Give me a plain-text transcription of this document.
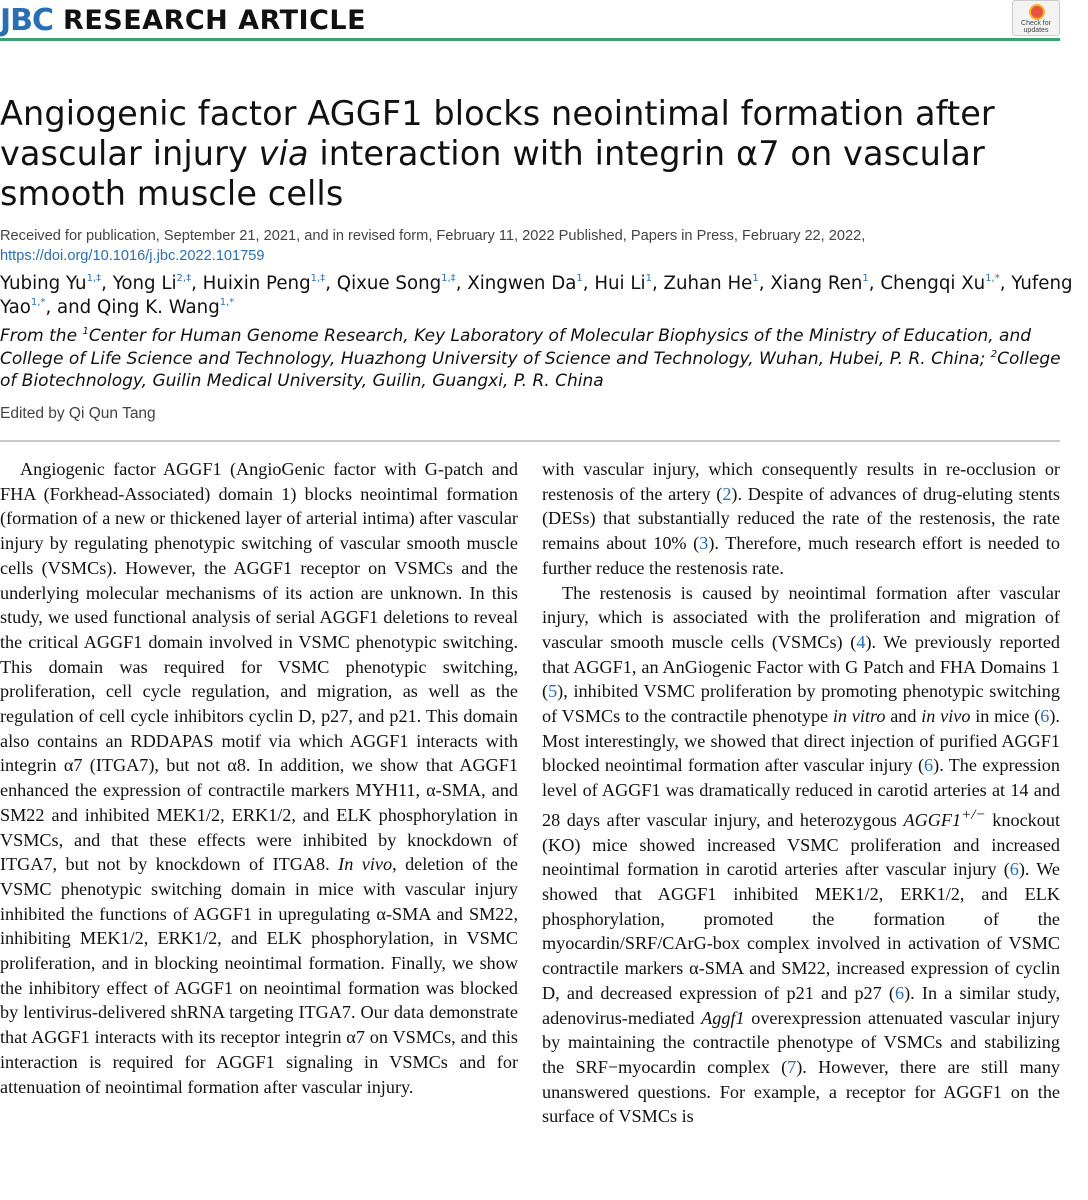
JBC RESEARCH ARTICLE	Check for updates
Angiogenic factor AGGF1 blocks neointimal formation after vascular injury via interaction with integrin α7 on vascular smooth muscle cells
Received for publication, September 21, 2021, and in revised form, February 11, 2022 Published, Papers in Press, February 22, 2022,
https://doi.org/10.1016/j.jbc.2022.101759
Yubing $Yu^{1,\ddagger}$, Yong $Li^{2,\ddagger}$, Huixin Peng$^{1,\ddagger}$, Qixue Song$^{1,\ddagger}$, Xingwen Da$^1$, Hui Li$^1$, Zuhan He$^1$, Xiang Ren$^1$, Chengqi $Xu^{1,*}$, Yufeng Yao$^{1,*}$, and Qing K. Wang$^{1,*}$
From the $^1$Center for Human Genome Research, Key Laboratory of Molecular Biophysics of the Ministry of Education, and College of Life Science and Technology, Huazhong University of Science and Technology, Wuhan, Hubei, P. R. China; $^2$College of Biotechnology, Guilin Medical University, Guilin, Guangxi, P. R. China
Edited by Qi Qun Tang

Angiogenic factor AGGF1 (AngioGenic factor with G-patch and FHA (Forkhead-Associated) domain 1) blocks neointimal formation (formation of a new or thickened layer of arterial intima) after vascular injury by regulating phenotypic switching of vascular smooth muscle cells (VSMCs). However, the AGGF1 receptor on VSMCs and the underlying molecular mechanisms of its action are unknown. In this study, we used functional analysis of serial AGGF1 deletions to reveal the critical AGGF1 domain involved in VSMC phenotypic switching. This domain was required for VSMC phenotypic switching, proliferation, cell cycle regulation, and migration, as well as the regulation of cell cycle inhibitors cyclin D, p27, and p21. This domain also contains an RDDAPAS motif via which AGGF1 interacts with integrin α7 (ITGA7), but not α8. In addition, we show that AGGF1 enhanced the expression of contractile markers MYH11, α-SMA, and SM22 and inhibited MEK1/2, ERK1/2, and ELK phosphorylation in VSMCs, and that these effects were inhibited by knockdown of ITGA7, but not by knockdown of ITGA8. In vivo, deletion of the VSMC phenotypic switching domain in mice with vascular injury inhibited the functions of AGGF1 in upregulating α-SMA and SM22, inhibiting MEK1/2, ERK1/2, and ELK phosphorylation, in VSMC proliferation, and in blocking neointimal formation. Finally, we show the inhibitory effect of AGGF1 on neointimal formation was blocked by lentivirus-delivered shRNA targeting ITGA7. Our data demonstrate that AGGF1 interacts with its receptor integrin α7 on VSMCs, and this interaction is required for AGGF1 signaling in VSMCs and for attenuation of neointimal formation after vascular injury.

with vascular injury, which consequently results in re-occlusion or restenosis of the artery (2). Despite of advances of drug-eluting stents (DESs) that substantially reduced the rate of the restenosis, the rate remains about 10% (3). Therefore, much research effort is needed to further reduce the restenosis rate.

The restenosis is caused by neointimal formation after vascular injury, which is associated with the proliferation and migration of vascular smooth muscle cells (VSMCs) (4). We previously reported that AGGF1, an AnGiogenic Factor with G Patch and FHA Domains 1 (5), inhibited VSMC proliferation by promoting phenotypic switching of VSMCs to the contractile phenotype in vitro and in vivo in mice (6). Most interestingly, we showed that direct injection of purified AGGF1 blocked neointimal formation after vascular injury (6). The expression level of AGGF1 was dramatically reduced in carotid arteries at 14 and 28 days after vascular injury, and heterozygous AGGF1+/− knockout (KO) mice showed increased VSMC proliferation and increased neointimal formation in carotid arteries after vascular injury (6). We showed that AGGF1 inhibited MEK1/2, ERK1/2, and ELK phosphorylation, promoted the formation of the myocardin/SRF/CArG-box complex involved in activation of VSMC contractile markers α-SMA and SM22, increased expression of cyclin D, and decreased expression of p21 and p27 (6). In a similar study, adenovirus-mediated Aggf1 overexpression attenuated vascular injury by maintaining the contractile phenotype of VSMCs and stabilizing the SRF−myocardin complex (7). However, there are still many unanswered questions. For example, a receptor for AGGF1 on the surface of VSMCs is
